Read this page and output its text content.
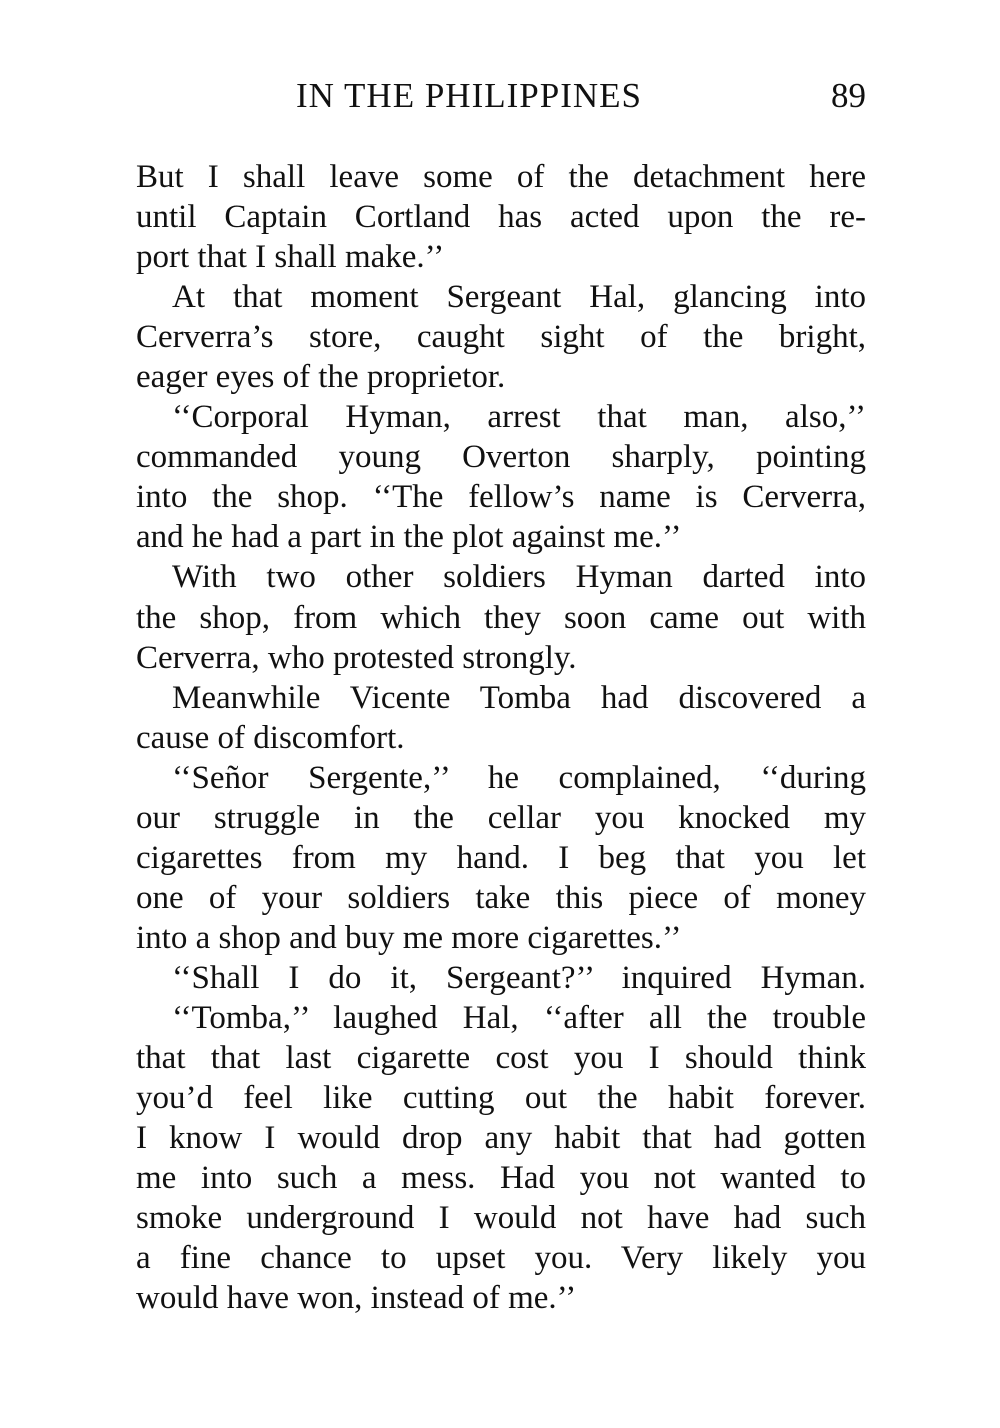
IN THE PHILIPPINES	89
But I shall leave some of the detachment here
until Captain Cortland has acted upon the re-
port that I shall make.’’
At that moment Sergeant Hal, glancing into
Cerverra’s store, caught sight of the bright,
eager eyes of the proprietor.
‘‘Corporal Hyman, arrest that man, also,’’
commanded young Overton sharply, pointing
into the shop. ‘‘The fellow’s name is Cerverra,
and he had a part in the plot against me.’’
With two other soldiers Hyman darted into
the shop, from which they soon came out with
Cerverra, who protested strongly.
Meanwhile Vicente Tomba had discovered a
cause of discomfort.
‘‘Señor Sergente,’’ he complained, ‘‘during
our struggle in the cellar you knocked my
cigarettes from my hand. I beg that you let
one of your soldiers take this piece of money
into a shop and buy me more cigarettes.’’
‘‘Shall I do it, Sergeant?’’ inquired Hyman.
‘‘Tomba,’’ laughed Hal, ‘‘after all the trouble
that that last cigarette cost you I should think
you’d feel like cutting out the habit forever.
I know I would drop any habit that had gotten
me into such a mess. Had you not wanted to
smoke underground I would not have had such
a fine chance to upset you. Very likely you
would have won, instead of me.’’
